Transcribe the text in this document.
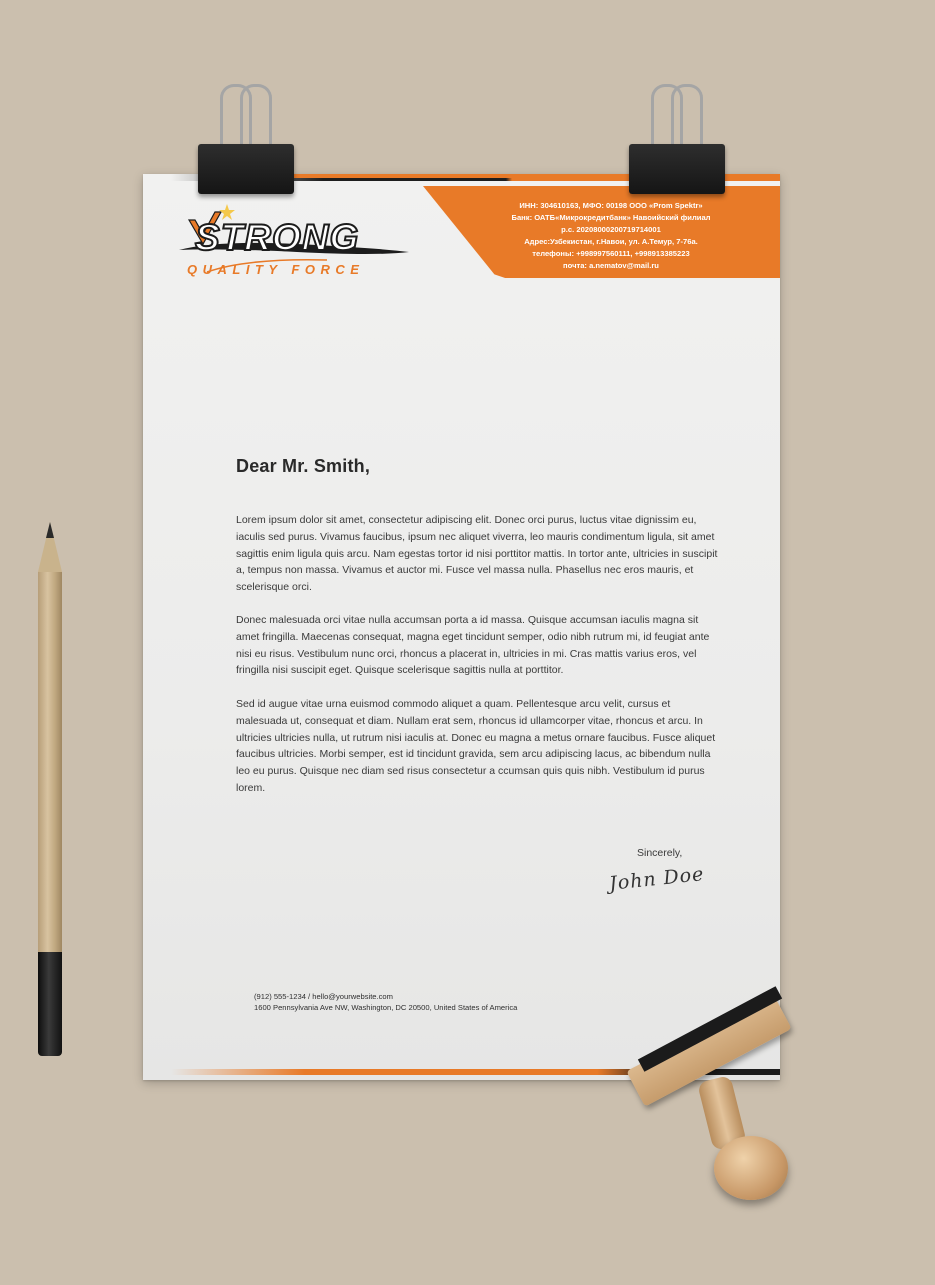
STRONG
QUALITY FORCE
ИНН: 304610163, МФО: 00198 ООО «Prom Spektr»
Банк: ОАТБ«Микрокредитбанк» Навоийский филиал
р.с. 20208000200719714001
Адрес:Узбекистан, г.Навои, ул. А.Темур, 7-76а.
телефоны: +998997560111, +998913385223
почта: a.nematov@mail.ru
Dear Mr. Smith,
Lorem ipsum dolor sit amet, consectetur adipiscing elit. Donec orci purus, luctus vitae dignissim eu, iaculis sed purus. Vivamus faucibus, ipsum nec aliquet viverra, leo mauris condimentum ligula, sit amet sagittis enim ligula quis arcu. Nam egestas tortor id nisi porttitor mattis. In tortor ante, ultricies in suscipit a, tempus non massa. Vivamus et auctor mi. Fusce vel massa nulla. Phasellus nec eros mauris, et scelerisque orci.
Donec malesuada orci vitae nulla accumsan porta a id massa. Quisque accumsan iaculis magna sit amet fringilla. Maecenas consequat, magna eget tincidunt semper, odio nibh rutrum mi, id feugiat ante nisi eu risus. Vestibulum nunc orci, rhoncus a placerat in, ultricies in mi. Cras mattis varius eros, vel fringilla nisi suscipit eget. Quisque scelerisque sagittis nulla at porttitor.
Sed id augue vitae urna euismod commodo aliquet a quam. Pellentesque arcu velit, cursus et malesuada ut, consequat et diam. Nullam erat sem, rhoncus id ullamcorper vitae, rhoncus et arcu. In ultricies ultricies nulla, ut rutrum nisi iaculis at. Donec eu magna a metus ornare faucibus. Fusce aliquet faucibus ultricies. Morbi semper, est id tincidunt gravida, sem arcu adipiscing lacus, ac bibendum nulla leo eu purus. Quisque nec diam sed risus consectetur a ccumsan quis quis nibh. Vestibulum id purus lorem.
Sincerely,
John Doe
(912) 555-1234 / hello@yourwebsite.com
1600 Pennsylvania Ave NW, Washington, DC 20500, United States of America
